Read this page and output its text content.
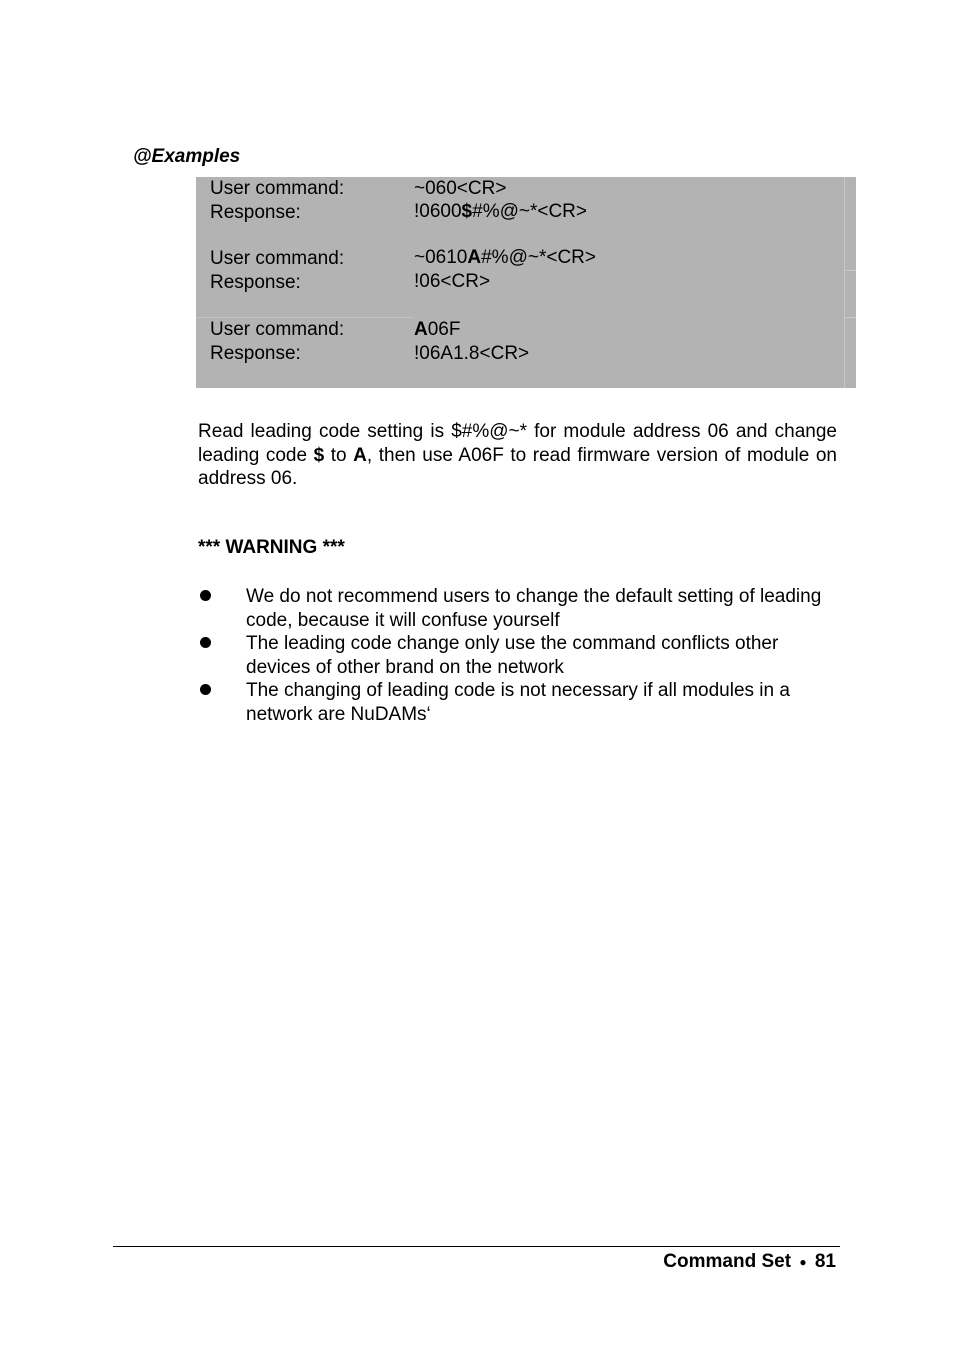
@Examples
User command:	~060<CR>
Response:	!0600$#%@~*<CR>
User command:	~0610A#%@~*<CR>
Response:	!06<CR>
User command:	A06F
Response:	!06A1.8<CR>

Read leading code setting is $#%@~* for module address 06 and change leading code $ to A, then use A06F to read firmware version of module on address 06.

*** WARNING ***

We do not recommend users to change the default setting of leading code, because it will confuse yourself
The leading code change only use the command conflicts other devices of other brand on the network
The changing of leading code is not necessary if all modules in a network are NuDAMs‘
Command Set ● 81
